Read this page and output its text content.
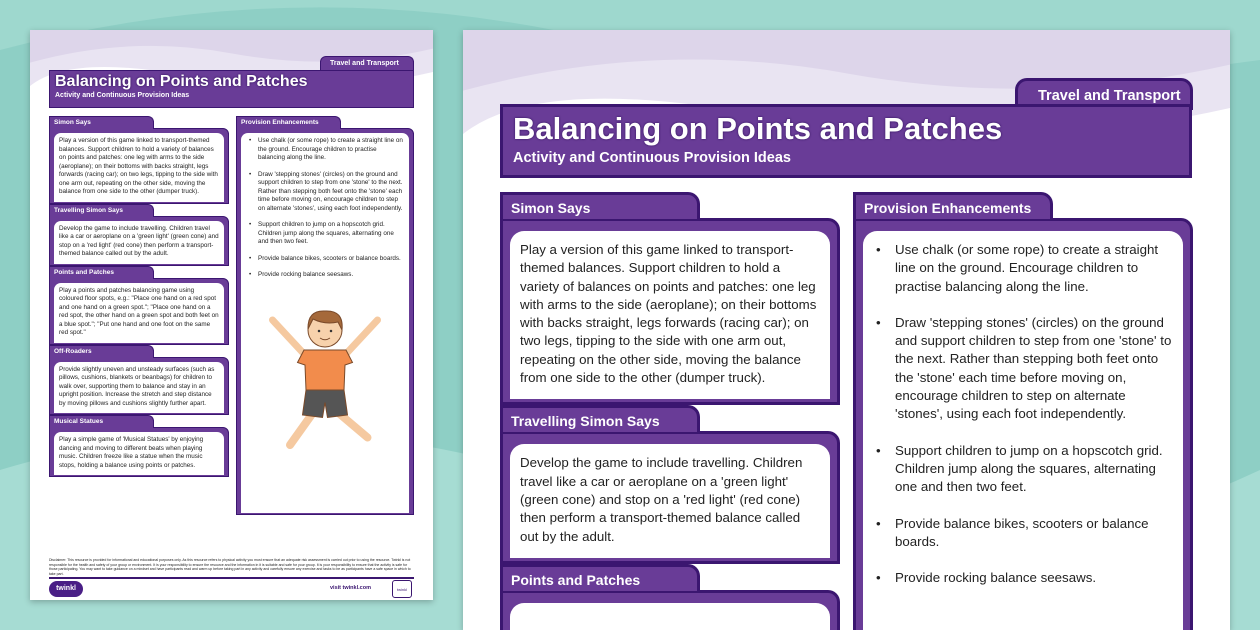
Travel and Transport
Balancing on Points and Patches
Activity and Continuous Provision Ideas
Simon Says
Play a version of this game linked to transport-themed balances. Support children to hold a variety of balances on points and patches: one leg with arms to the side (aeroplane); on their bottoms with backs straight, legs forwards (racing car); on two legs, tipping to the side with one arm out, repeating on the other side, moving the balance from one side to the other (dumper truck).
Travelling Simon Says
Develop the game to include travelling. Children travel like a car or aeroplane on a 'green light' (green cone) and stop on a 'red light' (red cone) then perform a transport-themed balance called out by the adult.
Points and Patches
Play a points and patches balancing game using coloured floor spots, e.g.: "Place one hand on a red spot and one hand on a green spot."; "Place one hand on a red spot, the other hand on a green spot and both feet on a blue spot."; "Put one hand and one foot on the same red spot."
Off-Roaders
Provide slightly uneven and unsteady surfaces (such as pillows, cushions, blankets or beanbags) for children to walk over, supporting them to balance and stay in an upright position. Increase the stretch and step distance by moving pillows and cushions slightly further apart.
Musical Statues
Play a simple game of 'Musical Statues' by enjoying dancing and moving to different beats when playing music. Children freeze like a statue when the music stops, holding a balance using points or patches.
Provision Enhancements
• Use chalk (or some rope) to create a straight line on the ground. Encourage children to practise balancing along the line.
• Draw 'stepping stones' (circles) on the ground and support children to step from one 'stone' to the next. Rather than stepping both feet onto the 'stone' each time before moving on, encourage children to step on alternate 'stones', using each foot independently.
• Support children to jump on a hopscotch grid. Children jump along the squares, alternating one and then two feet.
• Provide balance bikes, scooters or balance boards.
• Provide rocking balance seesaws.
Disclaimer: This resource is provided for informational and educational purposes only. As this resource refers to physical activity you must ensure that an adequate risk assessment is carried out prior to using the resource. Twinkl is not responsible for the health and safety of your group or environment. It is your responsibility to ensure the resource and the information in it is suitable and safe for your group. It is your responsibility to ensure that the activity is safe for those participating. You may want to take guidance on a mindset and have participants read and warm up before taking part in any activity and carefully ensure any exercise and tasks to be as participants have a safe space in which to take part.
twinkl	visit twinkl.com	twinkl
Travel and Transport
Balancing on Points and Patches
Activity and Continuous Provision Ideas
Simon Says
Play a version of this game linked to transport-themed balances. Support children to hold a variety of balances on points and patches: one leg with arms to the side (aeroplane); on their bottoms with backs straight, legs forwards (racing car); on two legs, tipping to the side with one arm out, repeating on the other side, moving the balance from one side to the other (dumper truck).
Travelling Simon Says
Develop the game to include travelling. Children travel like a car or aeroplane on a 'green light' (green cone) and stop on a 'red light' (red cone) then perform a transport-themed balance called out by the adult.
Points and Patches
Provision Enhancements
• Use chalk (or some rope) to create a straight line on the ground. Encourage children to practise balancing along the line.
• Draw 'stepping stones' (circles) on the ground and support children to step from one 'stone' to the next. Rather than stepping both feet onto the 'stone' each time before moving on, encourage children to step on alternate 'stones', using each foot independently.
• Support children to jump on a hopscotch grid. Children jump along the squares, alternating one and then two feet.
• Provide balance bikes, scooters or balance boards.
• Provide rocking balance seesaws.
